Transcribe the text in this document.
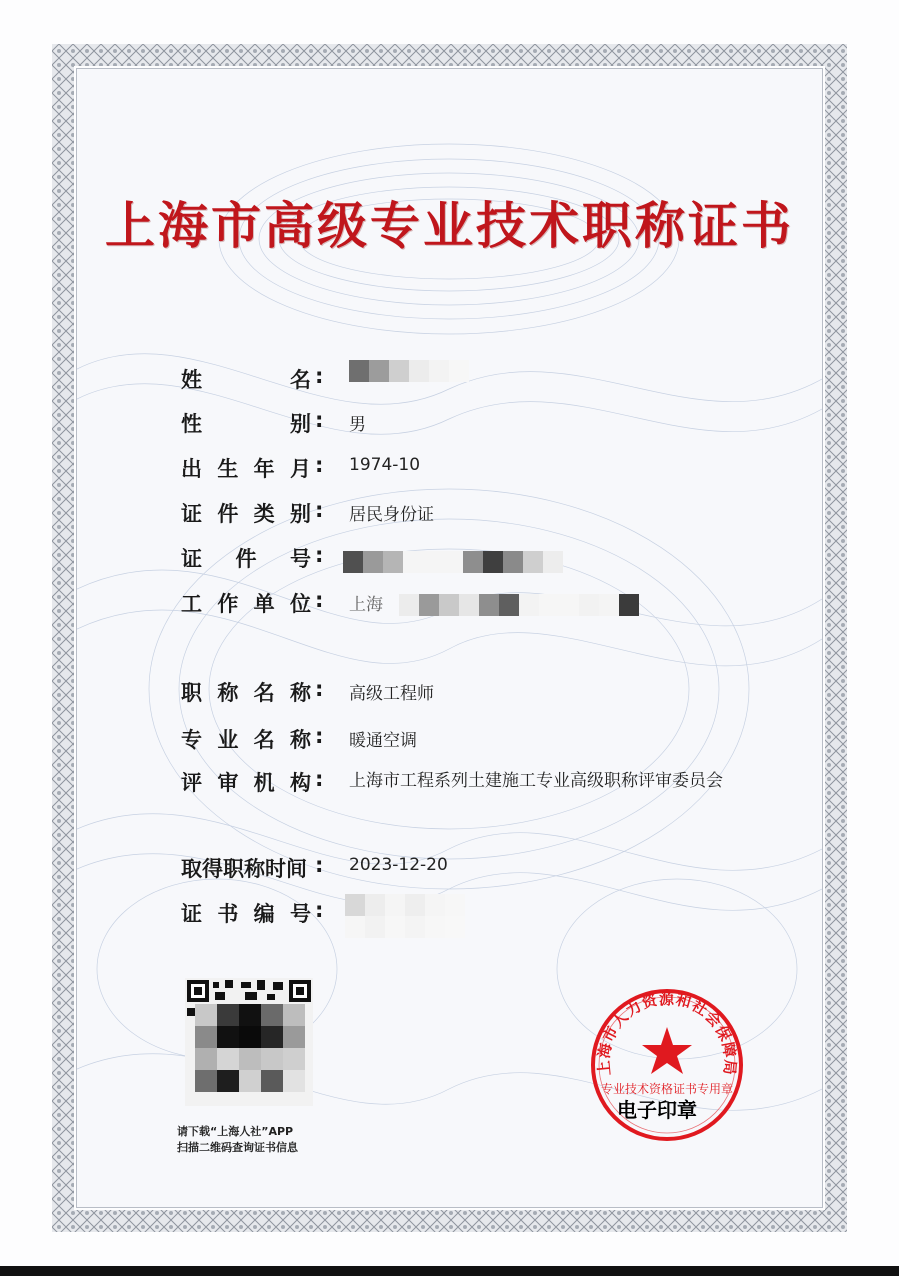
上海市高级专业技术职称证书
姓	名 :
性	别 : 男
出 生 年 月 : 1974-10
证 件 类 别 : 居民身份证
证 件 号 :
工 作 单 位 : 上海
职 称 名 称 : 高级工程师
专 业 名 称 : 暖通空调
评 审 机 构 : 上海市工程系列土建施工专业高级职称评审委员会
取得职称时间 : 2023-12-20
证 书 编 号 :
请下载“上海人社”APP
扫描二维码查询证书信息
上海市人力资源和社会保障局
专业技术资格证书专用章
电子印章
